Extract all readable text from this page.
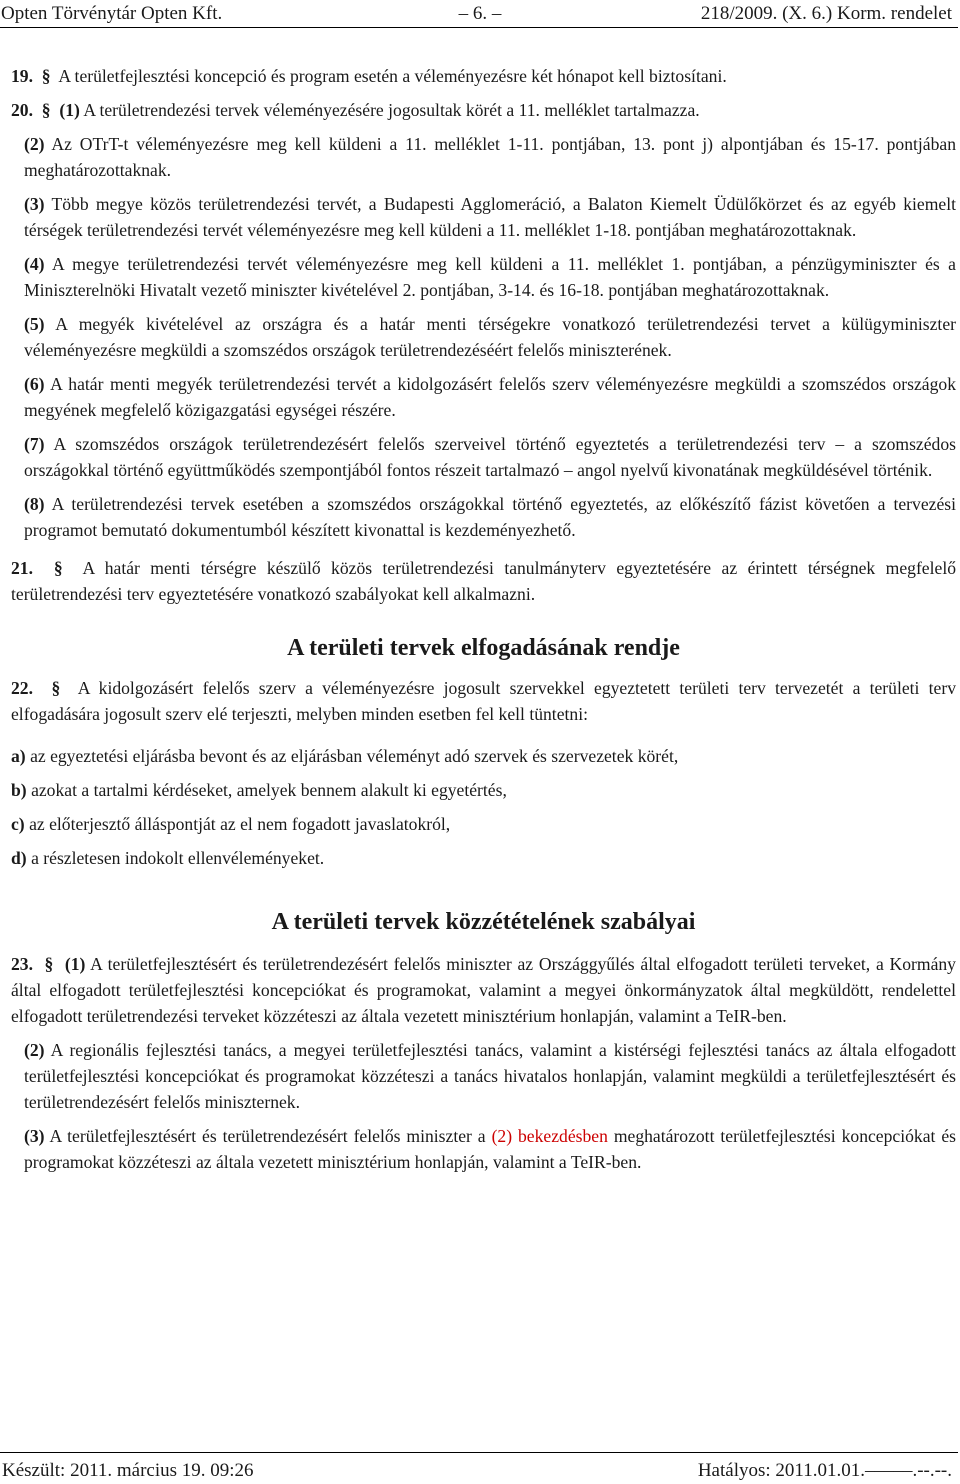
– 6. –
Opten Törvénytár Opten Kft.	218/2009. (X. 6.) Korm. rendelet

19. § A területfejlesztési koncepció és program esetén a véleményezésre két hónapot kell biztosítani.

20. § (1) A területrendezési tervek véleményezésére jogosultak körét a 11. melléklet tartalmazza.

(2) Az OTrT-t véleményezésre meg kell küldeni a 11. melléklet 1-11. pontjában, 13. pont j) alpontjában és 15-17. pontjában meghatározottaknak.

(3) Több megye közös területrendezési tervét, a Budapesti Agglomeráció, a Balaton Kiemelt Üdülőkörzet és az egyéb kiemelt térségek területrendezési tervét véleményezésre meg kell küldeni a 11. melléklet 1-18. pontjában meghatározottaknak.

(4) A megye területrendezési tervét véleményezésre meg kell küldeni a 11. melléklet 1. pontjában, a pénzügyminiszter és a Miniszterelnöki Hivatalt vezető miniszter kivételével 2. pontjában, 3-14. és 16-18. pontjában meghatározottaknak.

(5) A megyék kivételével az országra és a határ menti térségekre vonatkozó területrendezési tervet a külügyminiszter véleményezésre megküldi a szomszédos országok területrendezéséért felelős miniszterének.

(6) A határ menti megyék területrendezési tervét a kidolgozásért felelős szerv véleményezésre megküldi a szomszédos országok megyének megfelelő közigazgatási egységei részére.

(7) A szomszédos országok területrendezésért felelős szerveivel történő egyeztetés a területrendezési terv – a szomszédos országokkal történő együttműködés szempontjából fontos részeit tartalmazó – angol nyelvű kivonatának megküldésével történik.

(8) A területrendezési tervek esetében a szomszédos országokkal történő egyeztetés, az előkészítő fázist követően a tervezési programot bemutató dokumentumból készített kivonattal is kezdeményezhető.

21. § A határ menti térségre készülő közös területrendezési tanulmányterv egyeztetésére az érintett térségnek megfelelő területrendezési terv egyeztetésére vonatkozó szabályokat kell alkalmazni.

A területi tervek elfogadásának rendje

22. § A kidolgozásért felelős szerv a véleményezésre jogosult szervekkel egyeztetett területi terv tervezetét a területi terv elfogadására jogosult szerv elé terjeszti, melyben minden esetben fel kell tüntetni:

a) az egyeztetési eljárásba bevont és az eljárásban véleményt adó szervek és szervezetek körét,

b) azokat a tartalmi kérdéseket, amelyek bennem alakult ki egyetértés,

c) az előterjesztő álláspontját az el nem fogadott javaslatokról,

d) a részletesen indokolt ellenvéleményeket.

A területi tervek közzétételének szabályai

23. § (1) A területfejlesztésért és területrendezésért felelős miniszter az Országgyűlés által elfogadott területi terveket, a Kormány által elfogadott területfejlesztési koncepciókat és programokat, valamint a megyei önkormányzatok által megküldött, rendelettel elfogadott területrendezési terveket közzéteszi az általa vezetett minisztérium honlapján, valamint a TeIR-ben.

(2) A regionális fejlesztési tanács, a megyei területfejlesztési tanács, valamint a kistérségi fejlesztési tanács az általa elfogadott területfejlesztési koncepciókat és programokat közzéteszi a tanács hivatalos honlapján, valamint megküldi a területfejlesztésért és területrendezésért felelős miniszternek.

(3) A területfejlesztésért és területrendezésért felelős miniszter a (2) bekezdésben meghatározott területfejlesztési koncepciókat és programokat közzéteszi az általa vezetett minisztérium honlapján, valamint a TeIR-ben.

Készült: 2011. március 19. 09:26	Hatályos: 2011.01.01.–––––.--.--.
